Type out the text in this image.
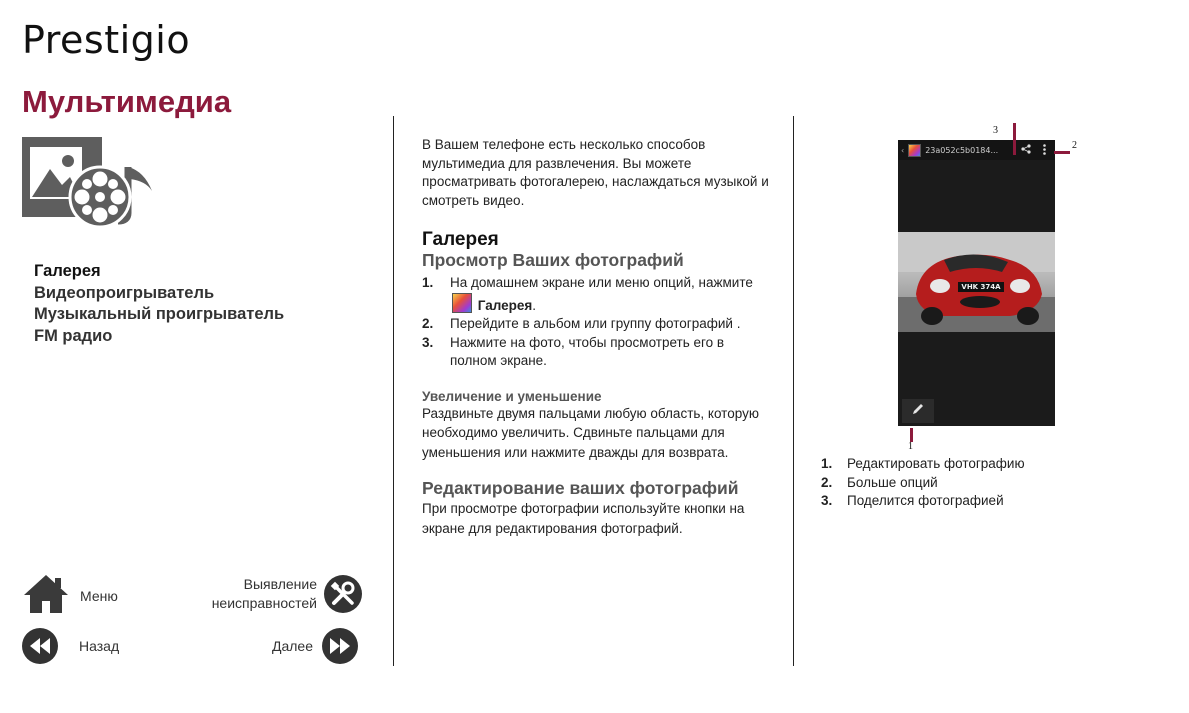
Prestigio
Мультимедиа
Галерея
Видеопроигрыватель
Музыкальный проигрыватель
FM радио
Меню
Выявление
неисправностей
Назад	Далее
В Вашем телефоне есть несколько способов мультимедиа для развлечения. Вы можете просматривать фотогалерею, наслаждаться музыкой и смотреть видео.
Галерея
Просмотр Ваших фотографий
1.	На домашнем экране или меню опций, нажмите  Галерея.
2.	Перейдите в альбом или группу фотографий .
3.	Нажмите на фото, чтобы просмотреть его в полном экране.
Увеличение и уменьшение
Раздвиньте двумя пальцами любую область, которую необходимо увеличить. Сдвиньте пальцами для уменьшения или нажмите дважды для возврата.
Редактирование ваших фотографий
При просмотре фотографии используйте кнопки на экране для редактирования фотографий.
‹	23a052c5b0184...
VHK 374A
3
2
1
1.	Редактировать фотографию
2.	Больше опций
3.	Поделится фотографией
